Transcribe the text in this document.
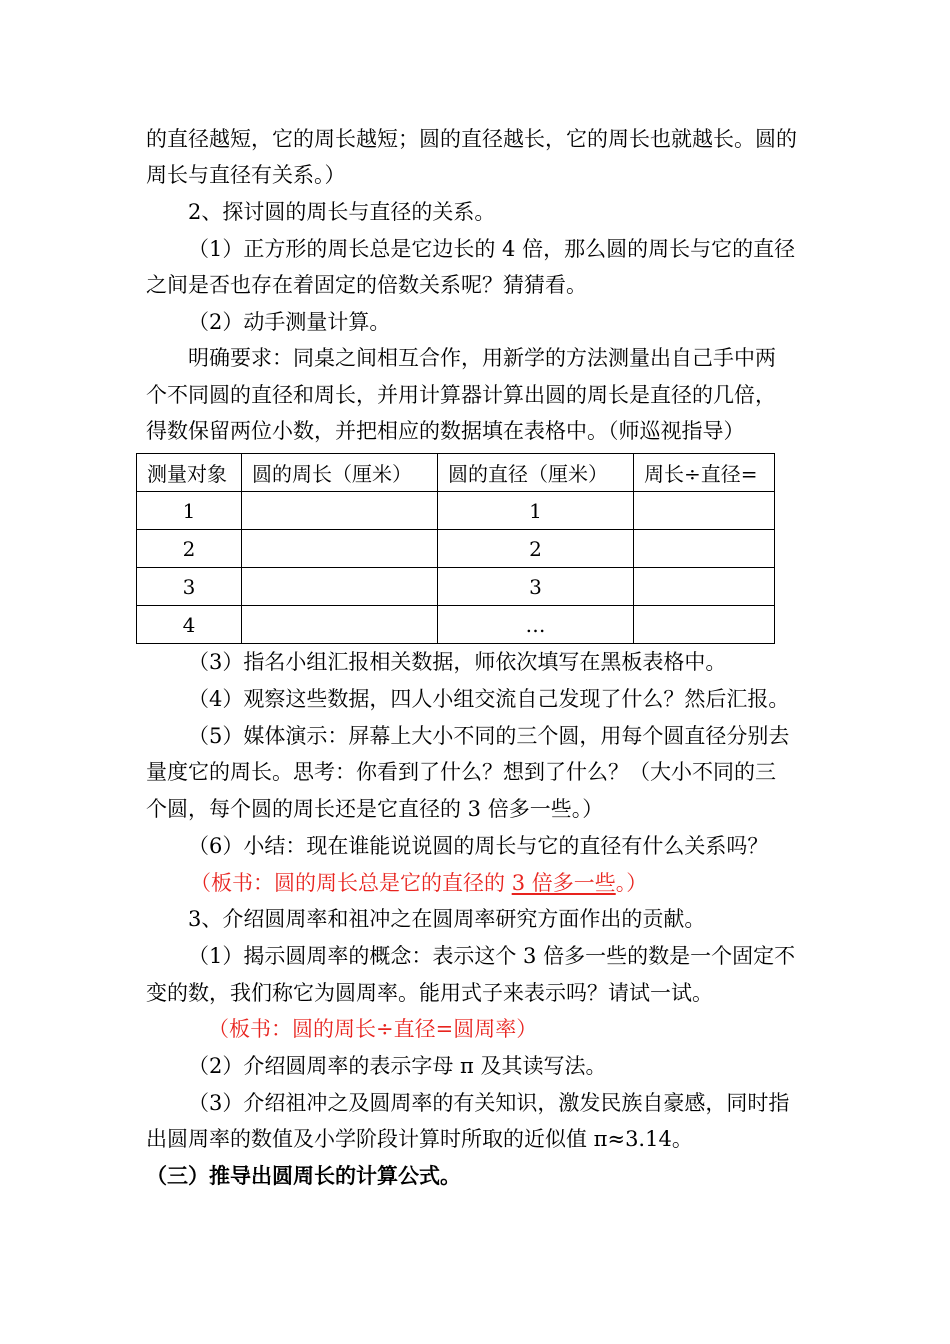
的直径越短，它的周长越短；圆的直径越长，它的周长也就越长。圆的
周长与直径有关系。）
2、探讨圆的周长与直径的关系。
（1）正方形的周长总是它边长的 4 倍，那么圆的周长与它的直径
之间是否也存在着固定的倍数关系呢？猜猜看。
（2）动手测量计算。
明确要求：同桌之间相互合作，用新学的方法测量出自己手中两
个不同圆的直径和周长，并用计算器计算出圆的周长是直径的几倍，
得数保留两位小数，并把相应的数据填在表格中。（师巡视指导）
测量对象	圆的周长（厘米）	圆的直径（厘米）	周长÷直径=
1		1	
2		2	
3		3	
4		…	
（3）指名小组汇报相关数据，师依次填写在黑板表格中。
（4）观察这些数据，四人小组交流自己发现了什么？然后汇报。
（5）媒体演示：屏幕上大小不同的三个圆，用每个圆直径分别去
量度它的周长。思考：你看到了什么？想到了什么？（大小不同的三
个圆，每个圆的周长还是它直径的 3 倍多一些。）
（6）小结：现在谁能说说圆的周长与它的直径有什么关系吗？
（板书：圆的周长总是它的直径的 3 倍多一些。）
3、介绍圆周率和祖冲之在圆周率研究方面作出的贡献。
（1）揭示圆周率的概念：表示这个 3 倍多一些的数是一个固定不
变的数，我们称它为圆周率。能用式子来表示吗？请试一试。
（板书：圆的周长÷直径=圆周率）
（2）介绍圆周率的表示字母 π 及其读写法。
（3）介绍祖冲之及圆周率的有关知识，激发民族自豪感，同时指
出圆周率的数值及小学阶段计算时所取的近似值 π≈3.14。
（三）推导出圆周长的计算公式。
